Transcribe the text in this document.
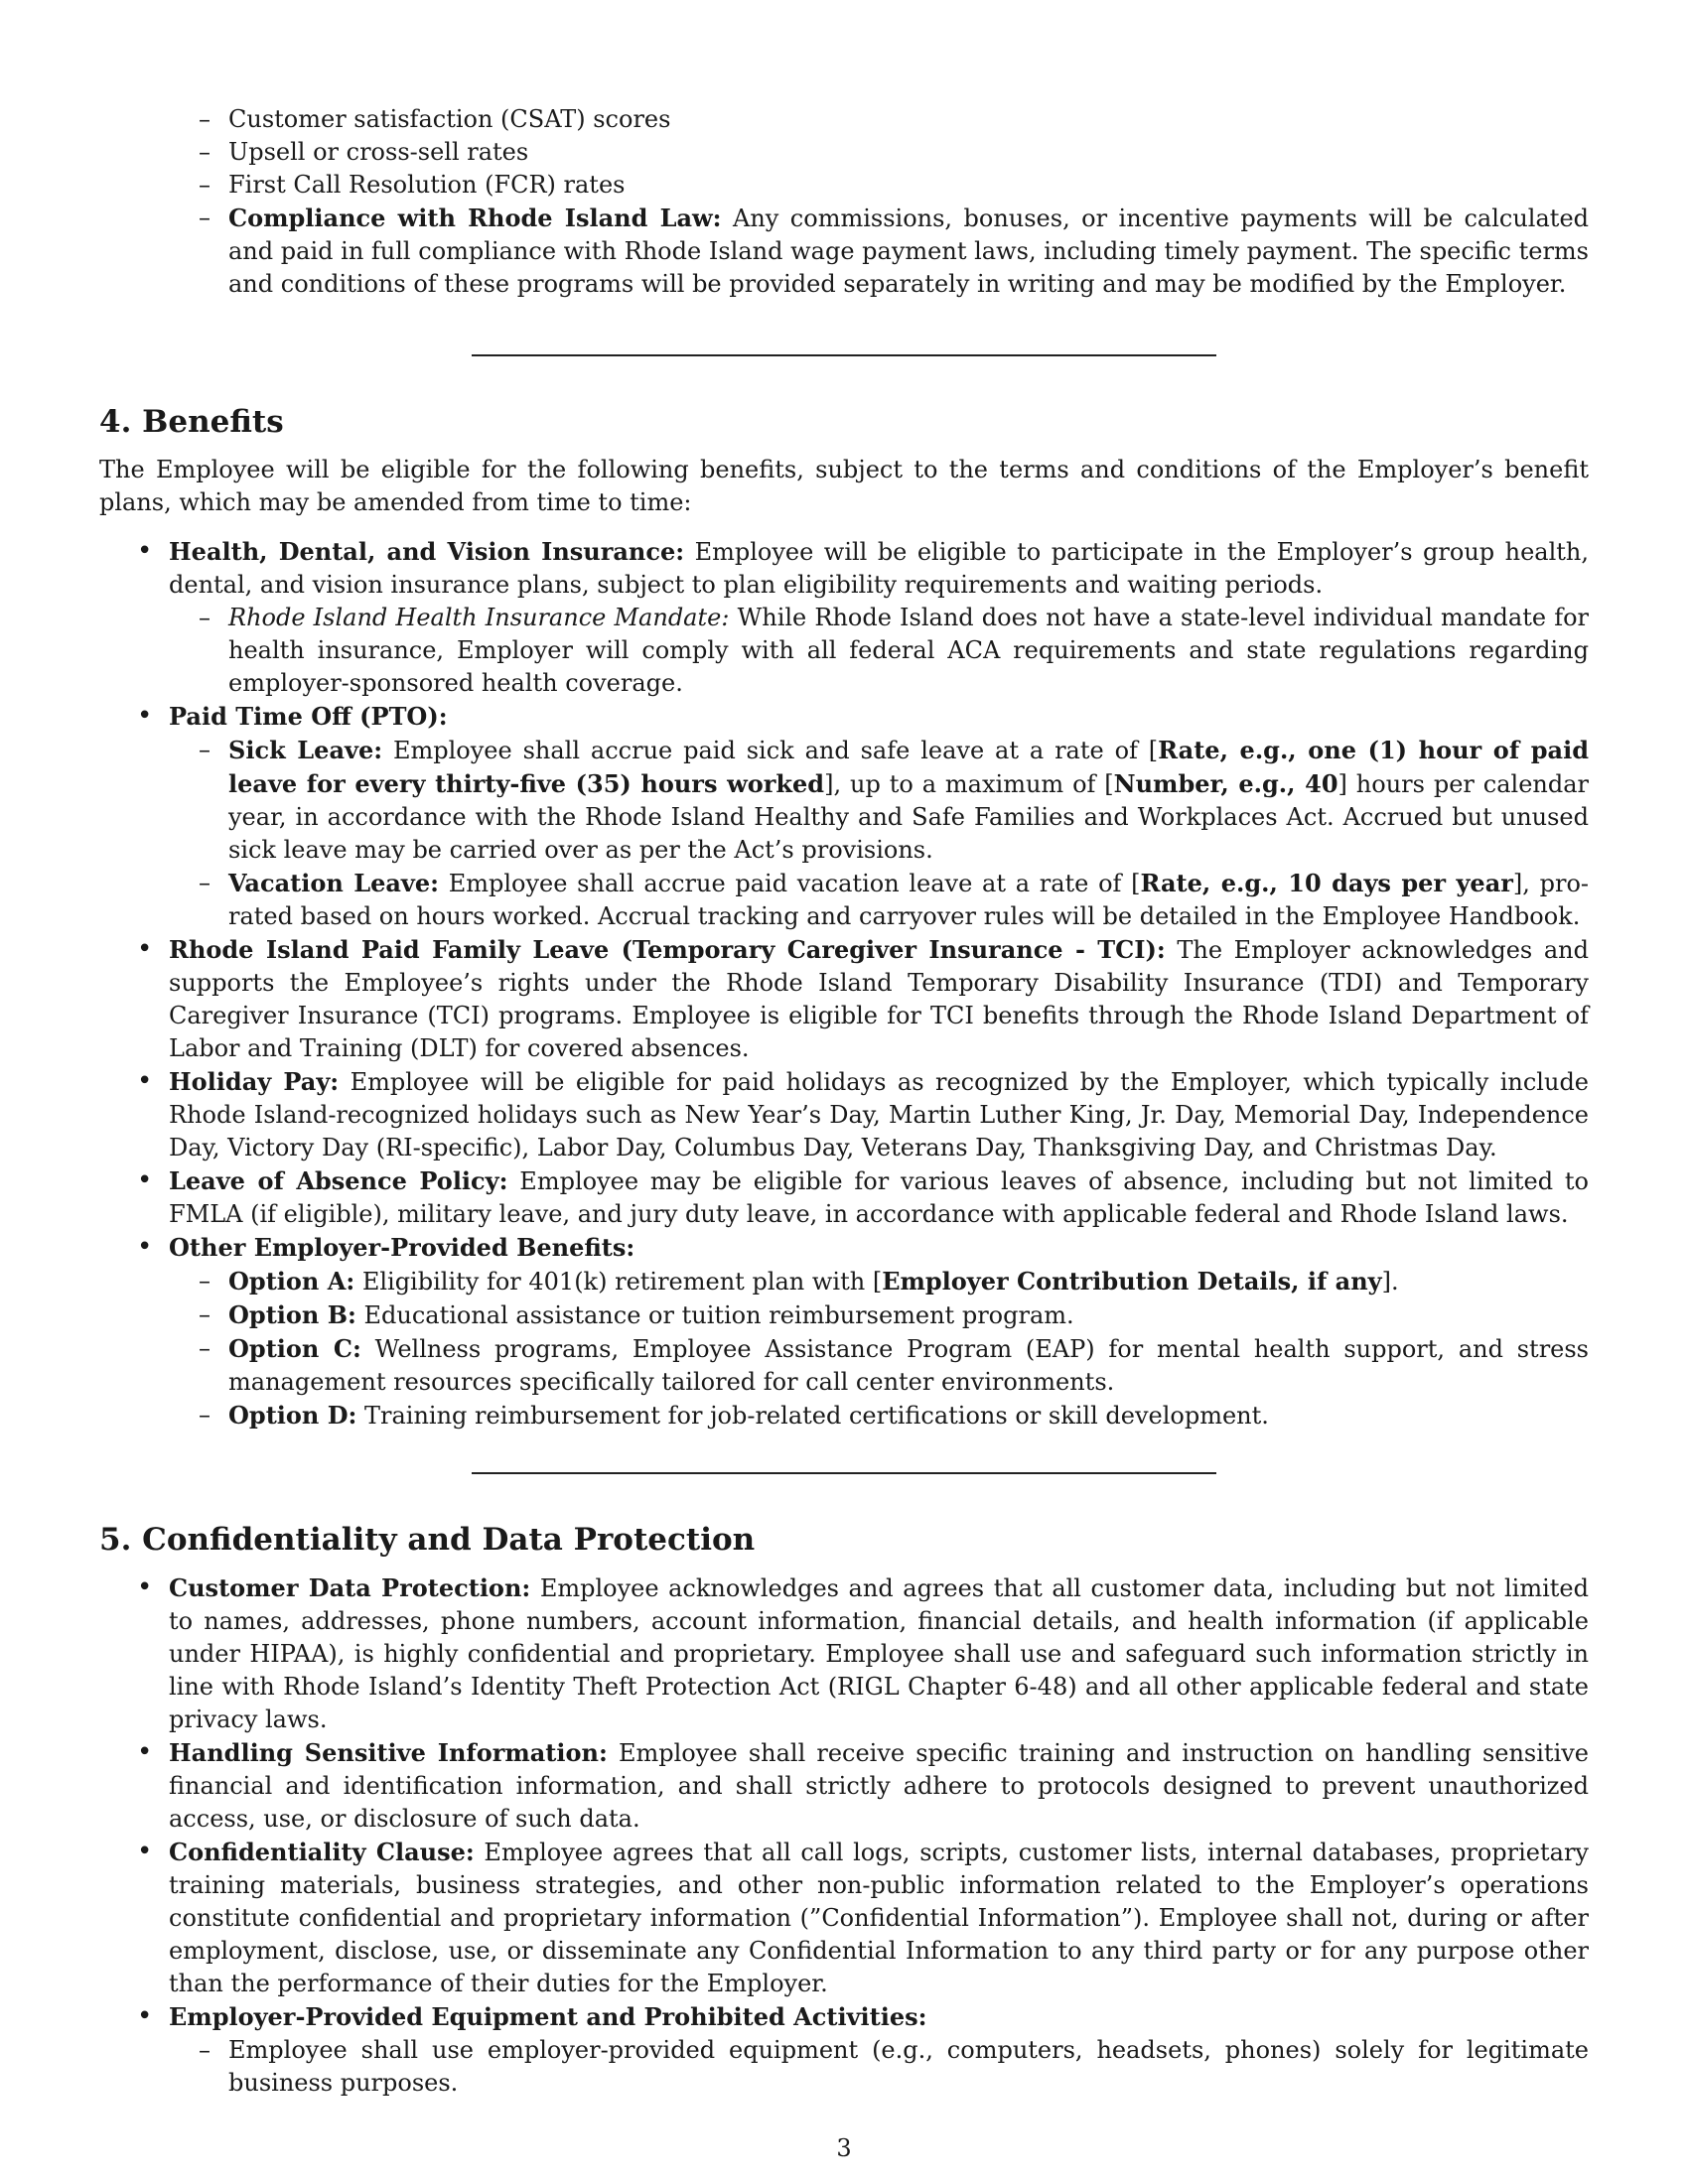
– Customer satisfaction (CSAT) scores
– Upsell or cross-sell rates
– First Call Resolution (FCR) rates
– Compliance with Rhode Island Law: Any commissions, bonuses, or incentive payments will be calculated and paid in full compliance with Rhode Island wage payment laws, including timely payment. The specific terms and conditions of these programs will be provided separately in writing and may be modified by the Employer.
4. Benefits

The Employee will be eligible for the following benefits, subject to the terms and conditions of the Employer’s benefit plans, which may be amended from time to time:

• Health, Dental, and Vision Insurance: Employee will be eligible to participate in the Employer’s group health, dental, and vision insurance plans, subject to plan eligibility requirements and waiting periods.
– Rhode Island Health Insurance Mandate: While Rhode Island does not have a state-level individual mandate for health insurance, Employer will comply with all federal ACA requirements and state regulations regarding employer-sponsored health coverage.
• Paid Time Off (PTO):
– Sick Leave: Employee shall accrue paid sick and safe leave at a rate of [Rate, e.g., one (1) hour of paid leave for every thirty-five (35) hours worked], up to a maximum of [Number, e.g., 40] hours per calendar year, in accordance with the Rhode Island Healthy and Safe Families and Workplaces Act. Accrued but unused sick leave may be carried over as per the Act’s provisions.
– Vacation Leave: Employee shall accrue paid vacation leave at a rate of [Rate, e.g., 10 days per year], pro-rated based on hours worked. Accrual tracking and carryover rules will be detailed in the Employee Handbook.
• Rhode Island Paid Family Leave (Temporary Caregiver Insurance - TCI): The Employer acknowledges and supports the Employee’s rights under the Rhode Island Temporary Disability Insurance (TDI) and Temporary Caregiver Insurance (TCI) programs. Employee is eligible for TCI benefits through the Rhode Island Department of Labor and Training (DLT) for covered absences.
• Holiday Pay: Employee will be eligible for paid holidays as recognized by the Employer, which typically include Rhode Island-recognized holidays such as New Year’s Day, Martin Luther King, Jr. Day, Memorial Day, Independence Day, Victory Day (RI-specific), Labor Day, Columbus Day, Veterans Day, Thanksgiving Day, and Christmas Day.
• Leave of Absence Policy: Employee may be eligible for various leaves of absence, including but not limited to FMLA (if eligible), military leave, and jury duty leave, in accordance with applicable federal and Rhode Island laws.
• Other Employer-Provided Benefits:
– Option A: Eligibility for 401(k) retirement plan with [Employer Contribution Details, if any].
– Option B: Educational assistance or tuition reimbursement program.
– Option C: Wellness programs, Employee Assistance Program (EAP) for mental health support, and stress management resources specifically tailored for call center environments.
– Option D: Training reimbursement for job-related certifications or skill development.
5. Confidentiality and Data Protection
• Customer Data Protection: Employee acknowledges and agrees that all customer data, including but not limited to names, addresses, phone numbers, account information, financial details, and health information (if applicable under HIPAA), is highly confidential and proprietary. Employee shall use and safeguard such information strictly in line with Rhode Island’s Identity Theft Protection Act (RIGL Chapter 6-48) and all other applicable federal and state privacy laws.
• Handling Sensitive Information: Employee shall receive specific training and instruction on handling sensitive financial and identification information, and shall strictly adhere to protocols designed to prevent unauthorized access, use, or disclosure of such data.
• Confidentiality Clause: Employee agrees that all call logs, scripts, customer lists, internal databases, proprietary training materials, business strategies, and other non-public information related to the Employer’s operations constitute confidential and proprietary information (”Confidential Information”). Employee shall not, during or after employment, disclose, use, or disseminate any Confidential Information to any third party or for any purpose other than the performance of their duties for the Employer.
• Employer-Provided Equipment and Prohibited Activities:
– Employee shall use employer-provided equipment (e.g., computers, headsets, phones) solely for legitimate business purposes.
3
